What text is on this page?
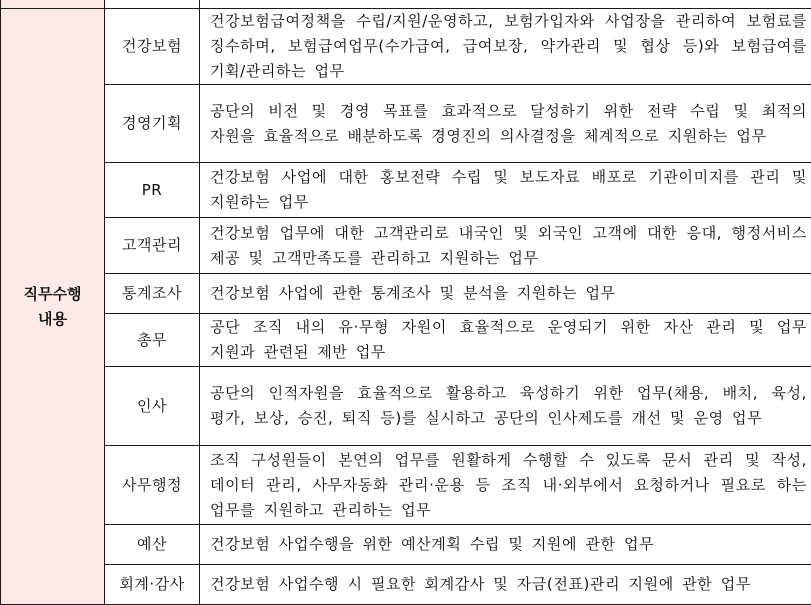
직무수행
내용	건강보험	건강보험급여정책을 수립/지원/운영하고, 보험가입자와 사업장을 관리하여 보험료를 징수하며, 보험급여업무(수가급여, 급여보장, 약가관리 및 협상 등)와 보험급여를 기획/관리하는 업무
	경영기획	공단의 비전 및 경영 목표를 효과적으로 달성하기 위한 전략 수립 및 최적의 자원을 효율적으로 배분하도록 경영진의 의사결정을 체계적으로 지원하는 업무
	PR	건강보험 사업에 대한 홍보전략 수립 및 보도자료 배포로 기관이미지를 관리 및 지원하는 업무
	고객관리	건강보험 업무에 대한 고객관리로 내국인 및 외국인 고객에 대한 응대, 행정서비스 제공 및 고객만족도를 관리하고 지원하는 업무
	통계조사	건강보험 사업에 관한 통계조사 및 분석을 지원하는 업무
	총무	공단 조직 내의 유·무형 자원이 효율적으로 운영되기 위한 자산 관리 및 업무 지원과 관련된 제반 업무
	인사	공단의 인적자원을 효율적으로 활용하고 육성하기 위한 업무(채용, 배치, 육성, 평가, 보상, 승진, 퇴직 등)를 실시하고 공단의 인사제도를 개선 및 운영 업무
	사무행정	조직 구성원들이 본연의 업무를 원활하게 수행할 수 있도록 문서 관리 및 작성, 데이터 관리, 사무자동화 관리·운용 등 조직 내·외부에서 요청하거나 필요로 하는 업무를 지원하고 관리하는 업무
	예산	건강보험 사업수행을 위한 예산계획 수립 및 지원에 관한 업무
	회계·감사	건강보험 사업수행 시 필요한 회계감사 및 자금(전표)관리 지원에 관한 업무
